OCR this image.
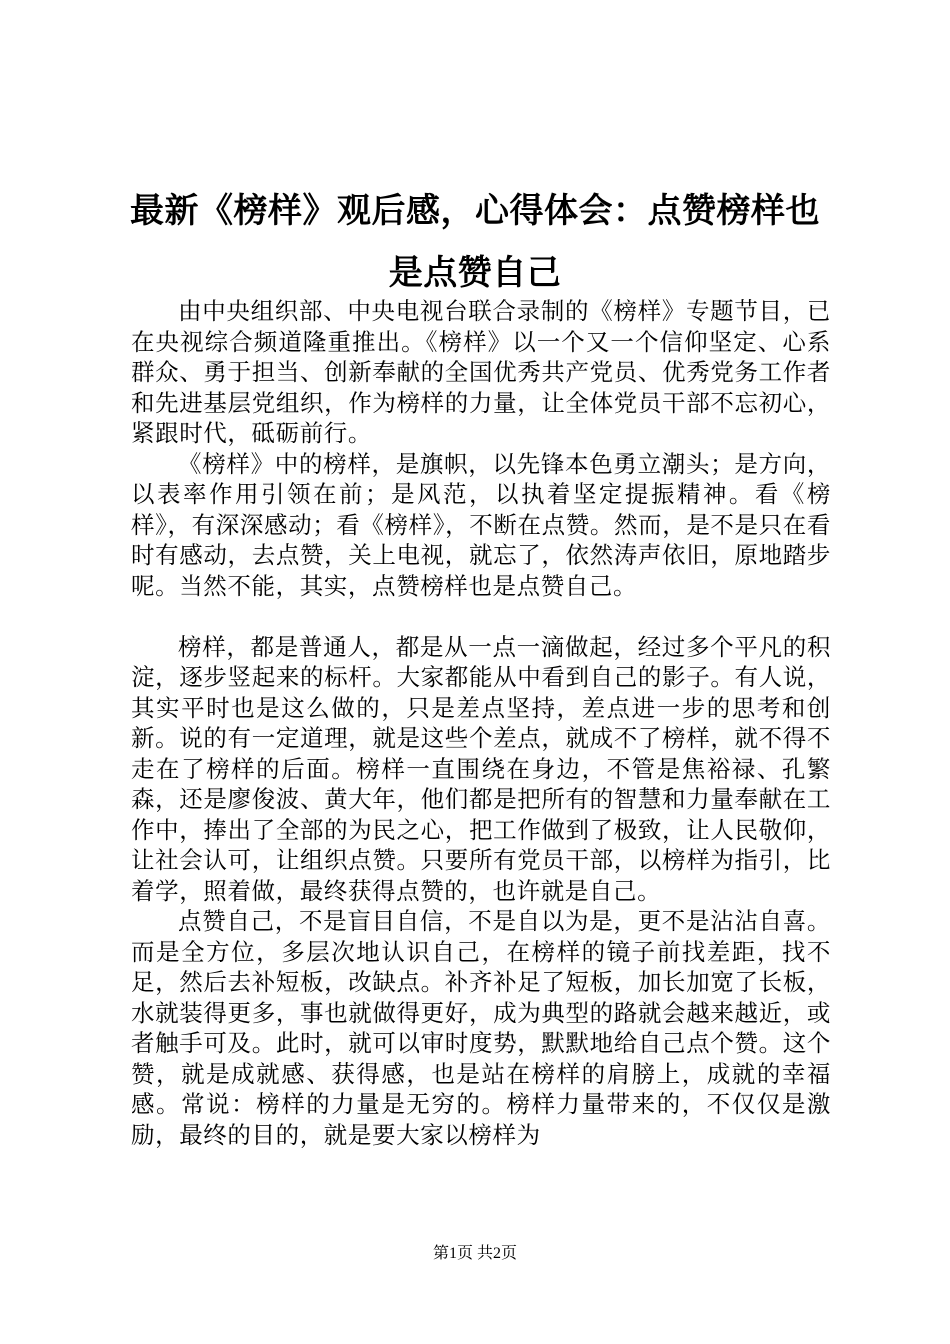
最新《榜样》观后感，心得体会：点赞榜样也是点赞自己

由中央组织部、中央电视台联合录制的《榜样》专题节目，已在央视综合频道隆重推出。《榜样》以一个又一个信仰坚定、心系群众、勇于担当、创新奉献的全国优秀共产党员、优秀党务工作者和先进基层党组织，作为榜样的力量，让全体党员干部不忘初心，紧跟时代，砥砺前行。

《榜样》中的榜样，是旗帜，以先锋本色勇立潮头；是方向，以表率作用引领在前；是风范，以执着坚定提振精神。看《榜样》，有深深感动；看《榜样》，不断在点赞。然而，是不是只在看时有感动，去点赞，关上电视，就忘了，依然涛声依旧，原地踏步呢。当然不能，其实，点赞榜样也是点赞自己。

榜样，都是普通人，都是从一点一滴做起，经过多个平凡的积淀，逐步竖起来的标杆。大家都能从中看到自己的影子。有人说，其实平时也是这么做的，只是差点坚持，差点进一步的思考和创新。说的有一定道理，就是这些个差点，就成不了榜样，就不得不走在了榜样的后面。榜样一直围绕在身边，不管是焦裕禄、孔繁森，还是廖俊波、黄大年，他们都是把所有的智慧和力量奉献在工作中，捧出了全部的为民之心，把工作做到了极致，让人民敬仰，让社会认可，让组织点赞。只要所有党员干部，以榜样为指引，比着学，照着做，最终获得点赞的，也许就是自己。

点赞自己，不是盲目自信，不是自以为是，更不是沾沾自喜。而是全方位，多层次地认识自己，在榜样的镜子前找差距，找不足，然后去补短板，改缺点。补齐补足了短板，加长加宽了长板，水就装得更多，事也就做得更好，成为典型的路就会越来越近，或者触手可及。此时，就可以审时度势，默默地给自己点个赞。这个赞，就是成就感、获得感，也是站在榜样的肩膀上，成就的幸福感。常说：榜样的力量是无穷的。榜样力量带来的，不仅仅是激励，最终的目的，就是要大家以榜样为

第1页 共2页
